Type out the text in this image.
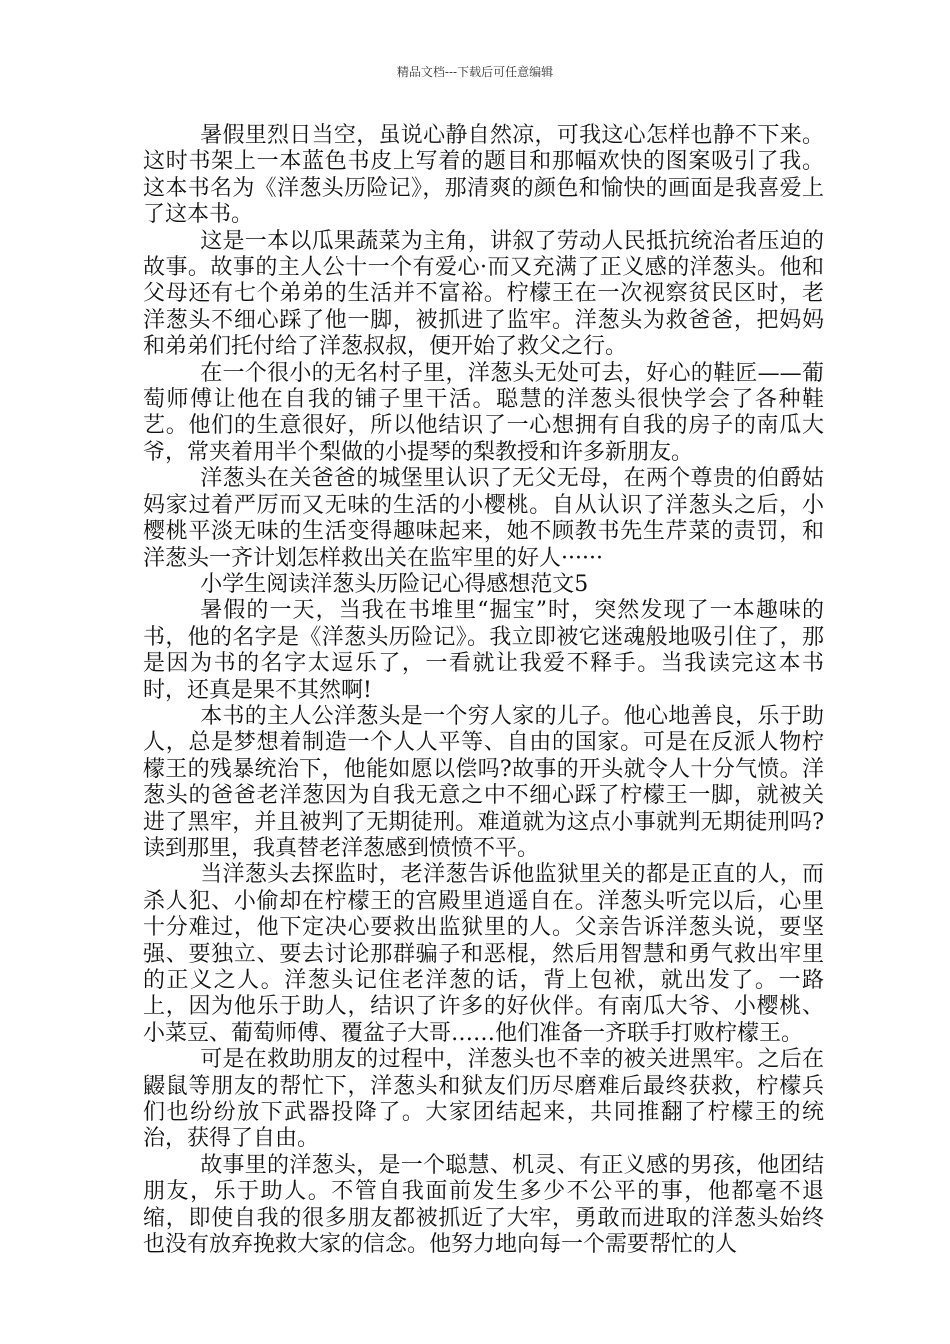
精品文档---下载后可任意编辑

暑假里烈日当空，虽说心静自然凉，可我这心怎样也静不下来。这时书架上一本蓝色书皮上写着的题目和那幅欢快的图案吸引了我。这本书名为《洋葱头历险记》，那清爽的颜色和愉快的画面是我喜爱上了这本书。

这是一本以瓜果蔬菜为主角，讲叙了劳动人民抵抗统治者压迫的故事。故事的主人公十一个有爱心·而又充满了正义感的洋葱头。他和父母还有七个弟弟的生活并不富裕。柠檬王在一次视察贫民区时，老洋葱头不细心踩了他一脚，被抓进了监牢。洋葱头为救爸爸，把妈妈和弟弟们托付给了洋葱叔叔，便开始了救父之行。

在一个很小的无名村子里，洋葱头无处可去，好心的鞋匠——葡萄师傅让他在自我的铺子里干活。聪慧的洋葱头很快学会了各种鞋艺。他们的生意很好，所以他结识了一心想拥有自我的房子的南瓜大爷，常夹着用半个梨做的小提琴的梨教授和许多新朋友。

洋葱头在关爸爸的城堡里认识了无父无母，在两个尊贵的伯爵姑妈家过着严厉而又无味的生活的小樱桃。自从认识了洋葱头之后，小樱桃平淡无味的生活变得趣味起来，她不顾教书先生芹菜的责罚，和洋葱头一齐计划怎样救出关在监牢里的好人······

小学生阅读洋葱头历险记心得感想范文5

暑假的一天，当我在书堆里“掘宝”时，突然发现了一本趣味的书，他的名字是《洋葱头历险记》。我立即被它迷魂般地吸引住了，那是因为书的名字太逗乐了，一看就让我爱不释手。当我读完这本书时，还真是果不其然啊!

本书的主人公洋葱头是一个穷人家的儿子。他心地善良，乐于助人，总是梦想着制造一个人人平等、自由的国家。可是在反派人物柠檬王的残暴统治下，他能如愿以偿吗?故事的开头就令人十分气愤。洋葱头的爸爸老洋葱因为自我无意之中不细心踩了柠檬王一脚，就被关进了黑牢，并且被判了无期徒刑。难道就为这点小事就判无期徒刑吗?读到那里，我真替老洋葱感到愤愤不平。

当洋葱头去探监时，老洋葱告诉他监狱里关的都是正直的人，而杀人犯、小偷却在柠檬王的宫殿里逍遥自在。洋葱头听完以后，心里十分难过，他下定决心要救出监狱里的人。父亲告诉洋葱头说，要坚强、要独立、要去讨论那群骗子和恶棍，然后用智慧和勇气救出牢里的正义之人。洋葱头记住老洋葱的话，背上包袱，就出发了。一路上，因为他乐于助人，结识了许多的好伙伴。有南瓜大爷、小樱桃、小菜豆、葡萄师傅、覆盆子大哥……他们准备一齐联手打败柠檬王。

可是在救助朋友的过程中，洋葱头也不幸的被关进黑牢。之后在鼹鼠等朋友的帮忙下，洋葱头和狱友们历尽磨难后最终获救，柠檬兵们也纷纷放下武器投降了。大家团结起来，共同推翻了柠檬王的统治，获得了自由。

故事里的洋葱头，是一个聪慧、机灵、有正义感的男孩，他团结朋友，乐于助人。不管自我面前发生多少不公平的事，他都毫不退缩，即使自我的很多朋友都被抓近了大牢，勇敢而进取的洋葱头始终也没有放弃挽救大家的信念。他努力地向每一个需要帮忙的人
